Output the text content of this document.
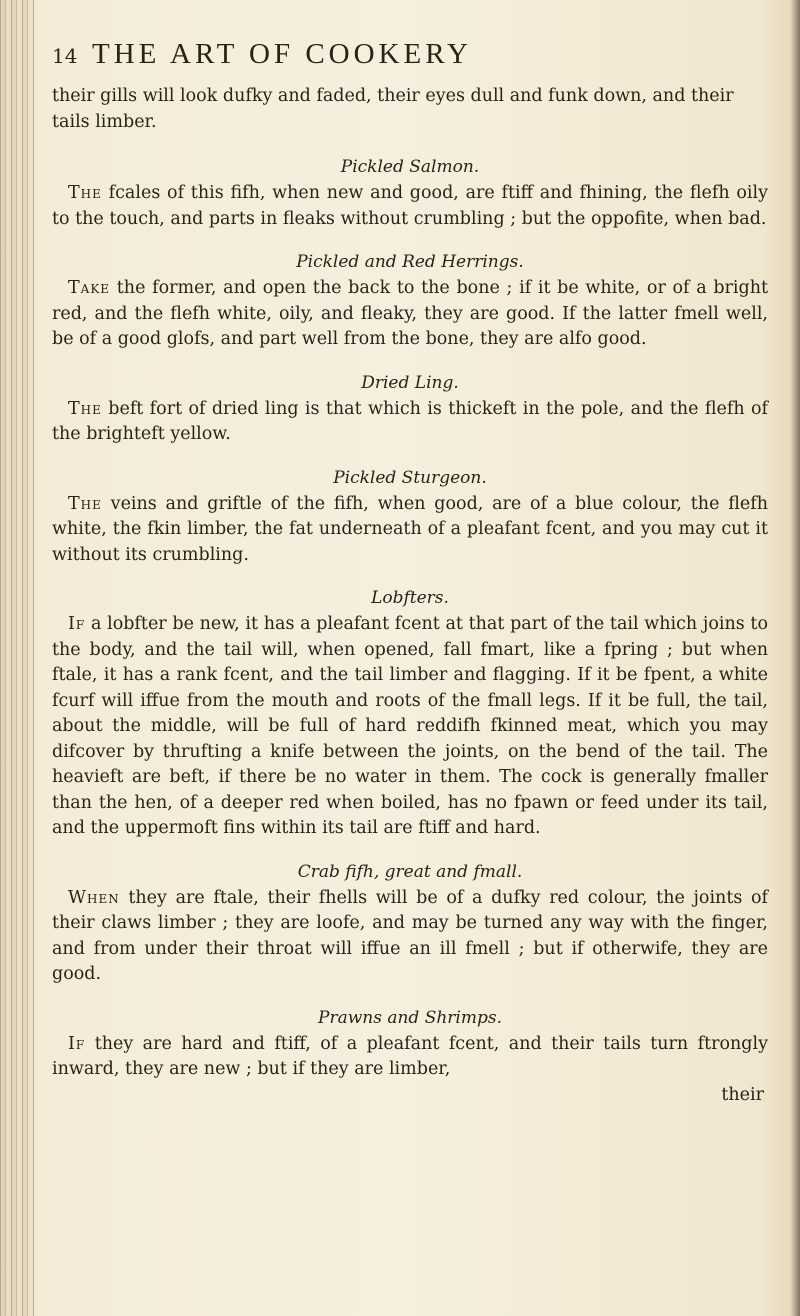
14 THE ART OF COOKERY

their gills will look dufky and faded, their eyes dull and funk down, and their tails limber.

Pickled Salmon.

The fcales of this fifh, when new and good, are ftiff and fhining, the flefh oily to the touch, and parts in fleaks without crumbling ; but the oppofite, when bad.

Pickled and Red Herrings.

Take the former, and open the back to the bone ; if it be white, or of a bright red, and the flefh white, oily, and fleaky, they are good. If the latter fmell well, be of a good glofs, and part well from the bone, they are alfo good.

Dried Ling.

The beft fort of dried ling is that which is thickeft in the pole, and the flefh of the brighteft yellow.

Pickled Sturgeon.

The veins and griftle of the fifh, when good, are of a blue colour, the flefh white, the fkin limber, the fat underneath of a pleafant fcent, and you may cut it without its crumbling.

Lobfters.

If a lobfter be new, it has a pleafant fcent at that part of the tail which joins to the body, and the tail will, when opened, fall fmart, like a fpring ; but when ftale, it has a rank fcent, and the tail limber and flagging. If it be fpent, a white fcurf will iffue from the mouth and roots of the fmall legs. If it be full, the tail, about the middle, will be full of hard reddifh fkinned meat, which you may difcover by thrufting a knife between the joints, on the bend of the tail. The heavieft are beft, if there be no water in them. The cock is generally fmaller than the hen, of a deeper red when boiled, has no fpawn or feed under its tail, and the uppermoft fins within its tail are ftiff and hard.

Crab fifh, great and fmall.

When they are ftale, their fhells will be of a dufky red colour, the joints of their claws limber ; they are loofe, and may be turned any way with the finger, and from under their throat will iffue an ill fmell ; but if otherwife, they are good.

Prawns and Shrimps.

If they are hard and ftiff, of a pleafant fcent, and their tails turn ftrongly inward, they are new ; but if they are limber,

their
